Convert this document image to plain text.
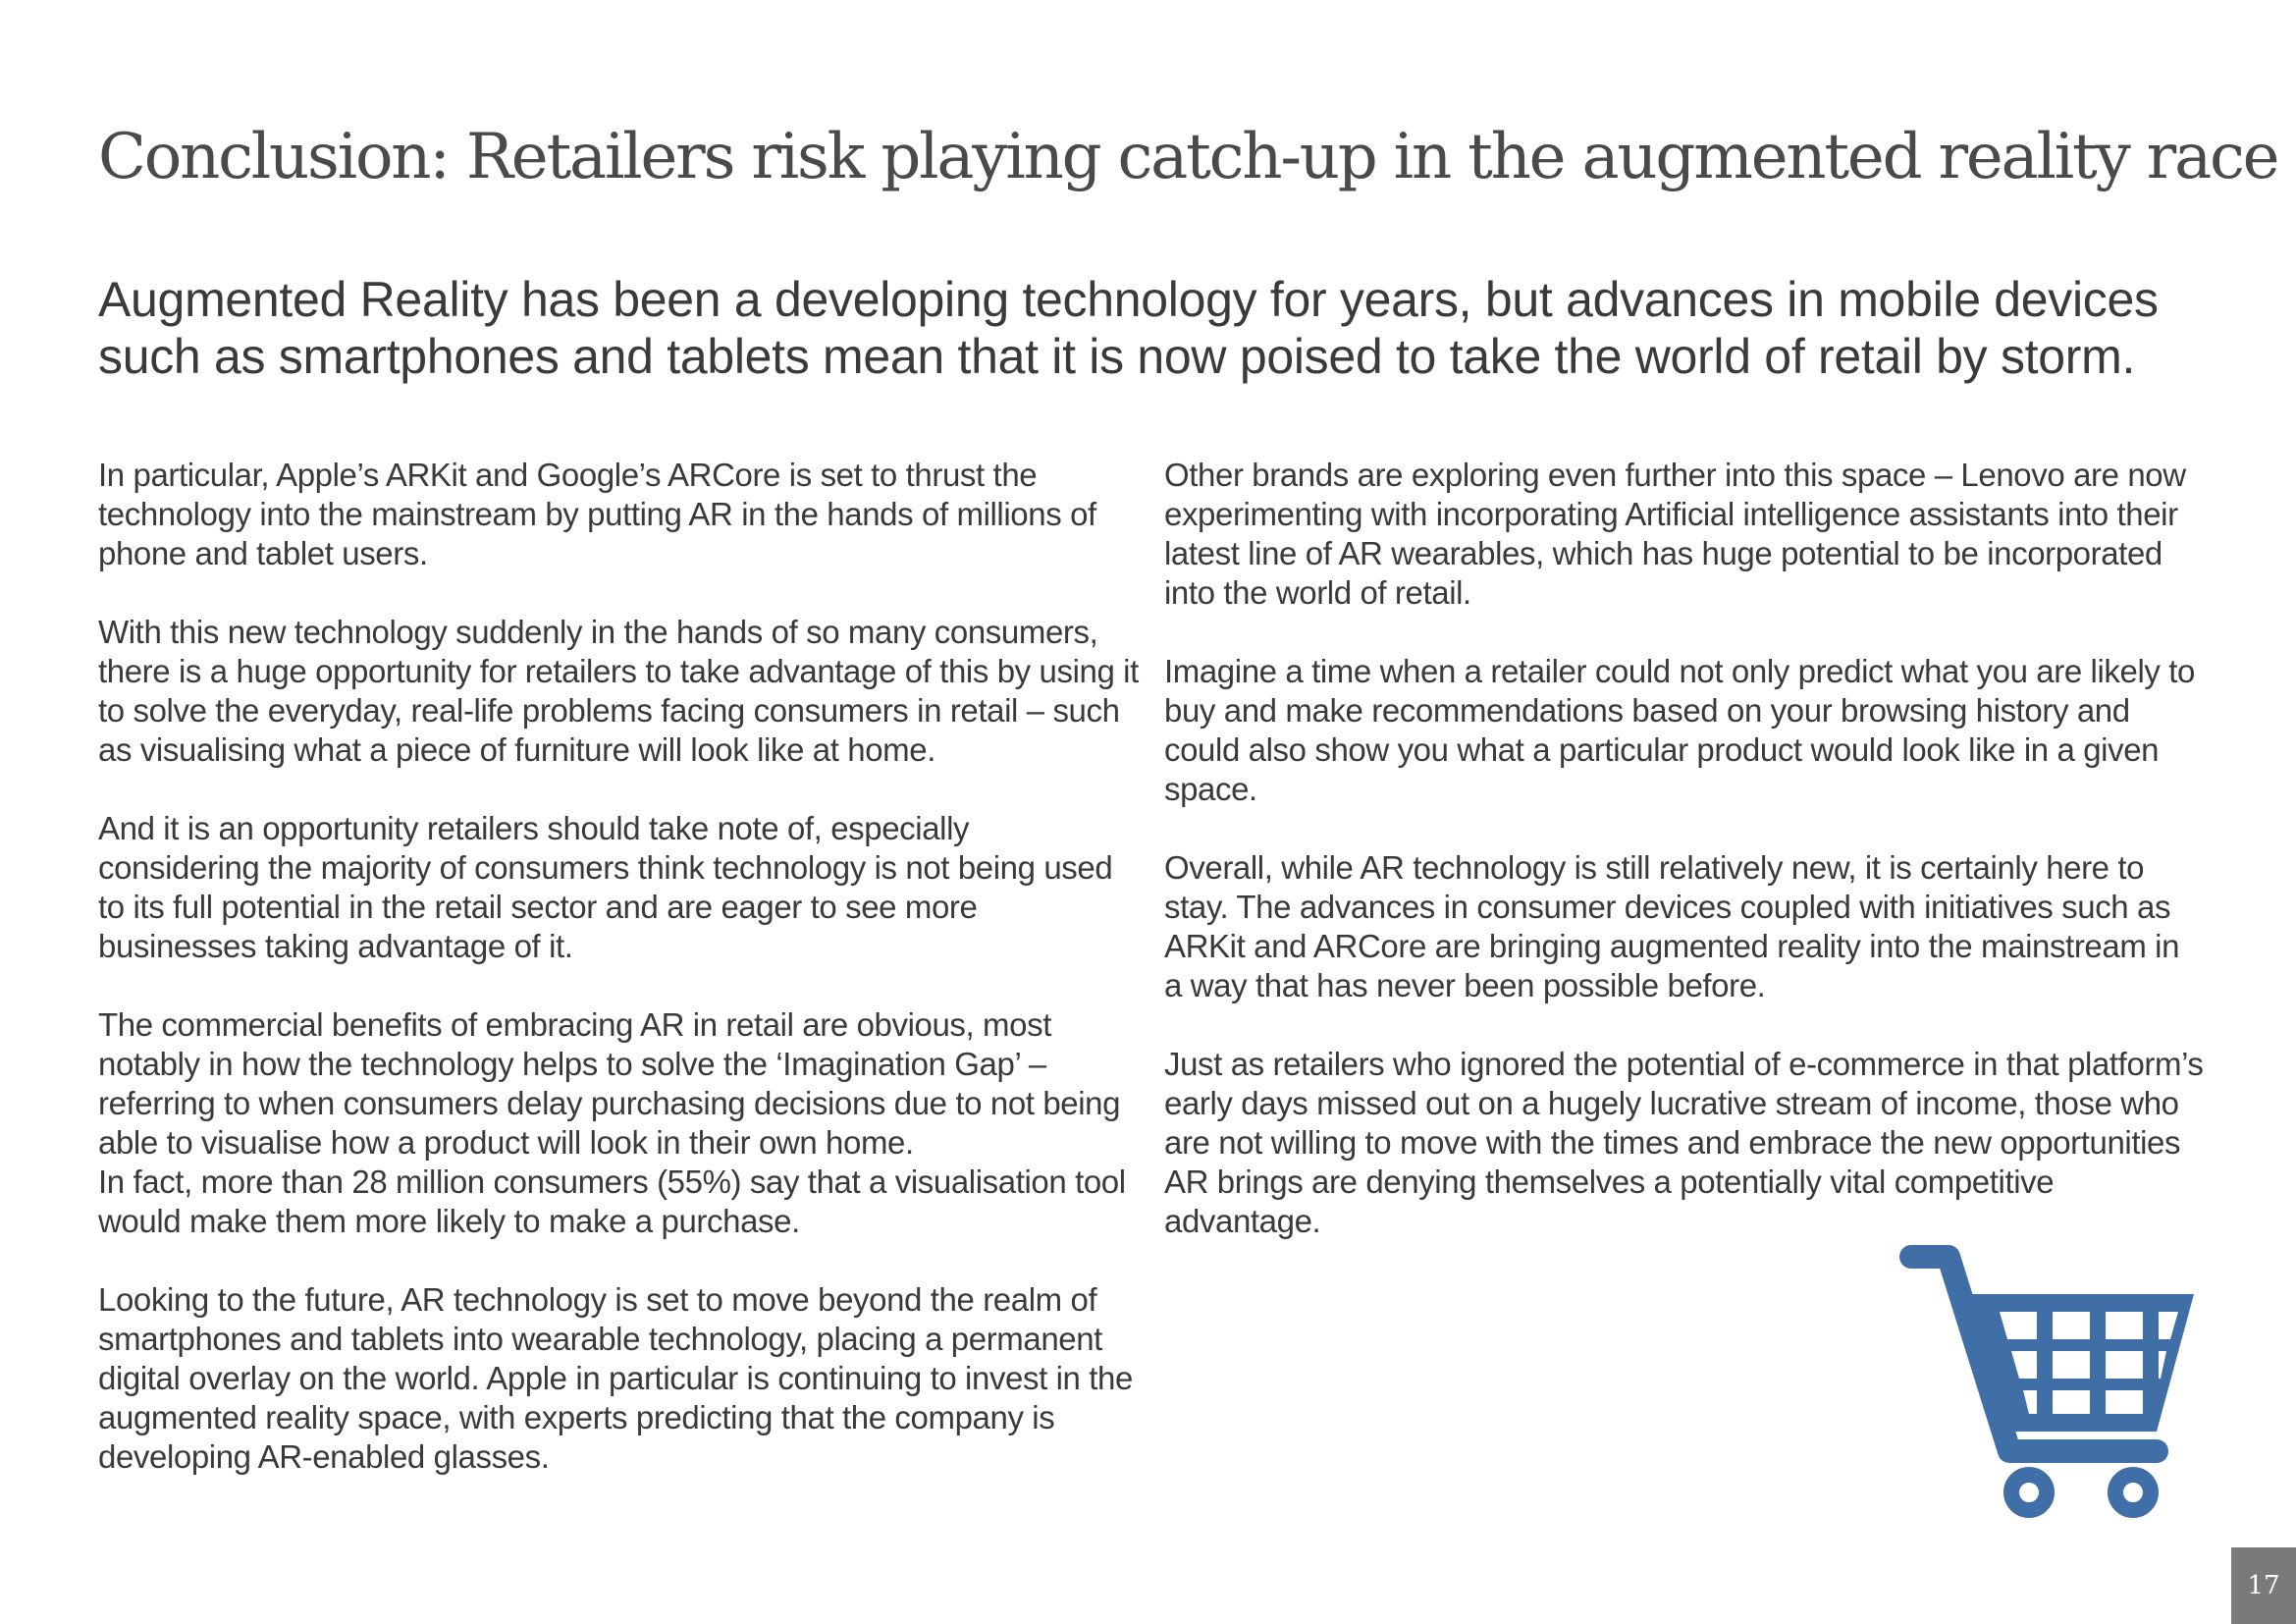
Conclusion: Retailers risk playing catch-up in the augmented reality race

Augmented Reality has been a developing technology for years, but advances in mobile devices such as smartphones and tablets mean that it is now poised to take the world of retail by storm.

In particular, Apple’s ARKit and Google’s ARCore is set to thrust the technology into the mainstream by putting AR in the hands of millions of phone and tablet users.

With this new technology suddenly in the hands of so many consumers, there is a huge opportunity for retailers to take advantage of this by using it to solve the everyday, real-life problems facing consumers in retail – such as visualising what a piece of furniture will look like at home.

And it is an opportunity retailers should take note of, especially considering the majority of consumers think technology is not being used to its full potential in the retail sector and are eager to see more businesses taking advantage of it.

The commercial benefits of embracing AR in retail are obvious, most notably in how the technology helps to solve the ‘Imagination Gap’ – referring to when consumers delay purchasing decisions due to not being able to visualise how a product will look in their own home.

In fact, more than 28 million consumers (55%) say that a visualisation tool would make them more likely to make a purchase.

Looking to the future, AR technology is set to move beyond the realm of smartphones and tablets into wearable technology, placing a permanent digital overlay on the world. Apple in particular is continuing to invest in the augmented reality space, with experts predicting that the company is developing AR-enabled glasses.

Other brands are exploring even further into this space – Lenovo are now experimenting with incorporating Artificial intelligence assistants into their latest line of AR wearables, which has huge potential to be incorporated into the world of retail.

Imagine a time when a retailer could not only predict what you are likely to buy and make recommendations based on your browsing history and could also show you what a particular product would look like in a given space.

Overall, while AR technology is still relatively new, it is certainly here to stay. The advances in consumer devices coupled with initiatives such as ARKit and ARCore are bringing augmented reality into the mainstream in a way that has never been possible before.

Just as retailers who ignored the potential of e-commerce in that platform’s early days missed out on a hugely lucrative stream of income, those who are not willing to move with the times and embrace the new opportunities AR brings are denying themselves a potentially vital competitive advantage.

17
